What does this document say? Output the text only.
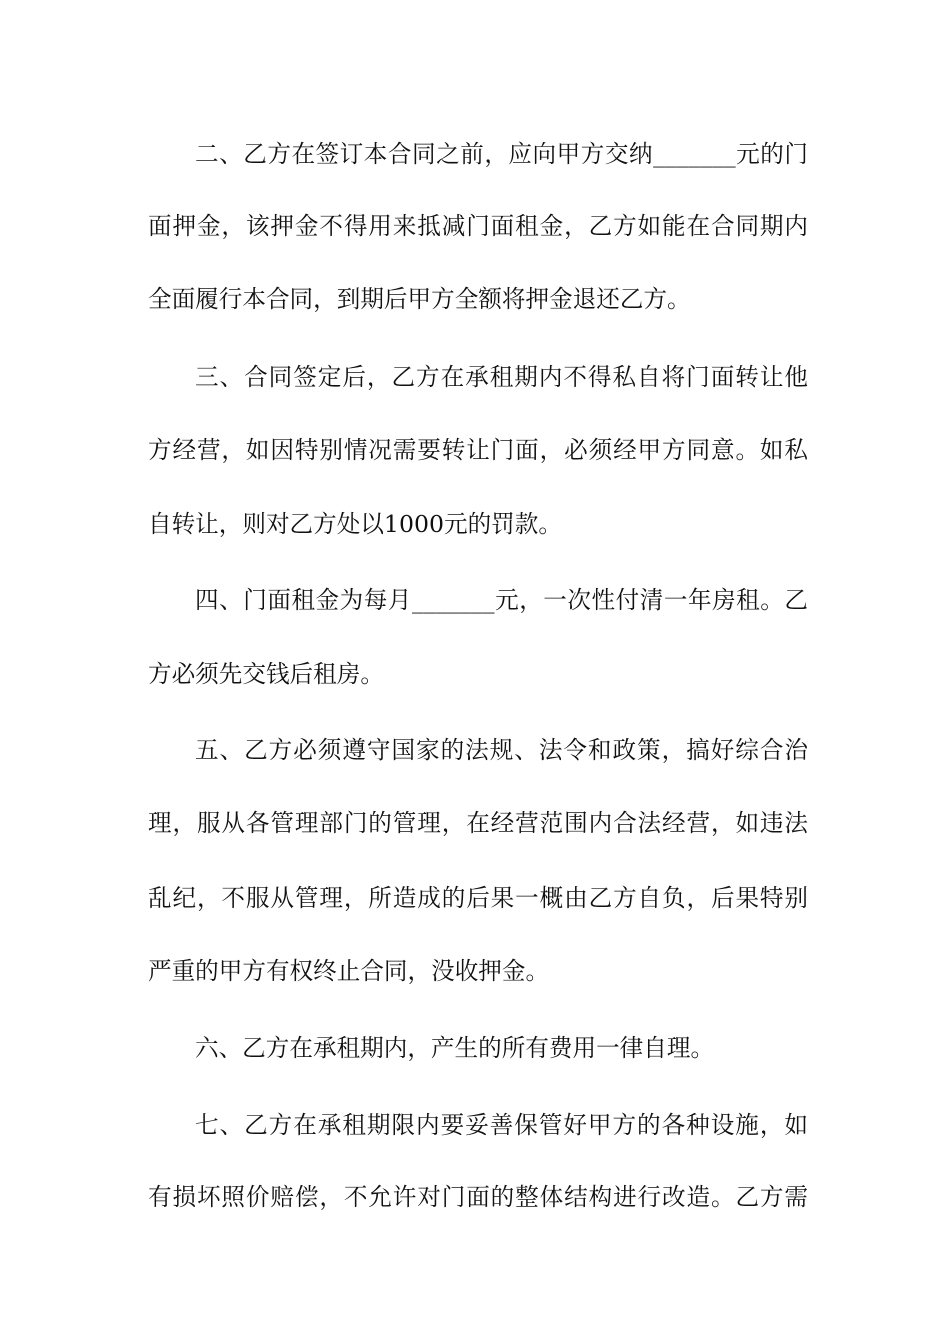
二、乙方在签订本合同之前，应向甲方交纳_______元的门
面押金，该押金不得用来抵减门面租金，乙方如能在合同期内
全面履行本合同，到期后甲方全额将押金退还乙方。
三、合同签定后，乙方在承租期内不得私自将门面转让他
方经营，如因特别情况需要转让门面，必须经甲方同意。如私
自转让，则对乙方处以1000元的罚款。
四、门面租金为每月_______元，一次性付清一年房租。乙
方必须先交钱后租房。
五、乙方必须遵守国家的法规、法令和政策，搞好综合治
理，服从各管理部门的管理，在经营范围内合法经营，如违法
乱纪，不服从管理，所造成的后果一概由乙方自负，后果特别
严重的甲方有权终止合同，没收押金。
六、乙方在承租期内，产生的所有费用一律自理。
七、乙方在承租期限内要妥善保管好甲方的各种设施，如
有损坏照价赔偿，不允许对门面的整体结构进行改造。乙方需
